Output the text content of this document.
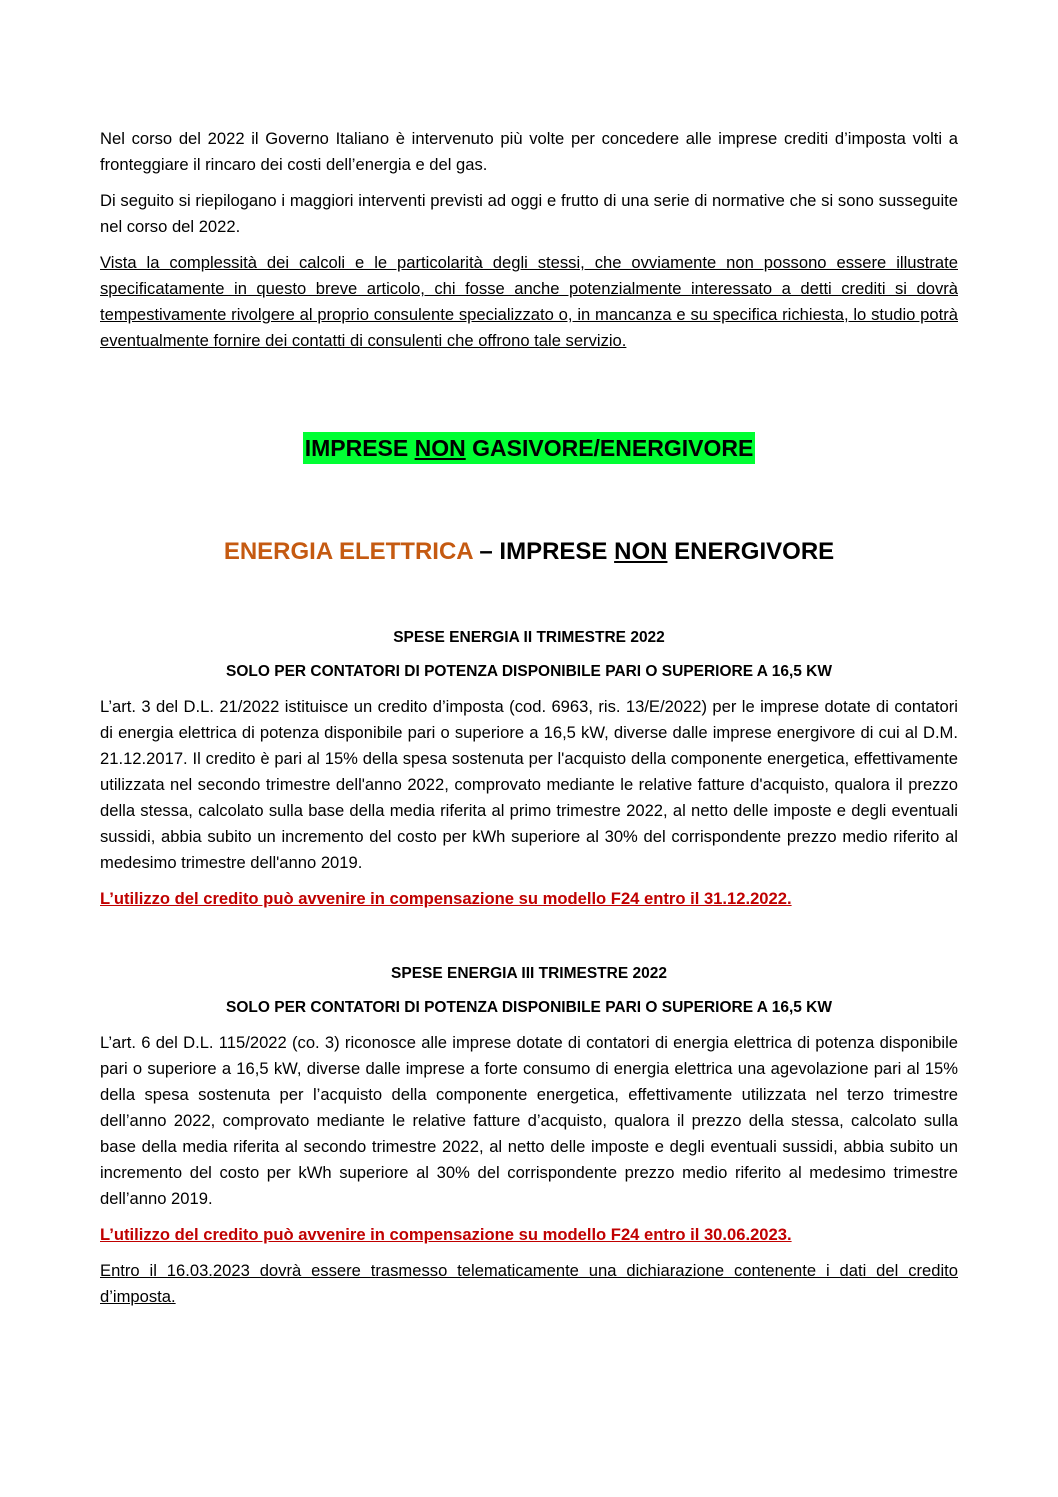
Nel corso del 2022 il Governo Italiano è intervenuto più volte per concedere alle imprese crediti d’imposta volti a fronteggiare il rincaro dei costi dell’energia e del gas.

Di seguito si riepilogano i maggiori interventi previsti ad oggi e frutto di una serie di normative che si sono susseguite nel corso del 2022.

Vista la complessità dei calcoli e le particolarità degli stessi, che ovviamente non possono essere illustrate specificatamente in questo breve articolo, chi fosse anche potenzialmente interessato a detti crediti si dovrà tempestivamente rivolgere al proprio consulente specializzato o, in mancanza e su specifica richiesta, lo studio potrà eventualmente fornire dei contatti di consulenti che offrono tale servizio.

IMPRESE NON GASIVORE/ENERGIVORE
ENERGIA ELETTRICA – IMPRESE NON ENERGIVORE
SPESE ENERGIA II TRIMESTRE 2022
SOLO PER CONTATORI DI POTENZA DISPONIBILE PARI O SUPERIORE A 16,5 KW

L’art. 3 del D.L. 21/2022 istituisce un credito d’imposta (cod. 6963, ris. 13/E/2022) per le imprese dotate di contatori di energia elettrica di potenza disponibile pari o superiore a 16,5 kW, diverse dalle imprese energivore di cui al D.M. 21.12.2017. Il credito è pari al 15% della spesa sostenuta per l'acquisto della componente energetica, effettivamente utilizzata nel secondo trimestre dell'anno 2022, comprovato mediante le relative fatture d'acquisto, qualora il prezzo della stessa, calcolato sulla base della media riferita al primo trimestre 2022, al netto delle imposte e degli eventuali sussidi, abbia subito un incremento del costo per kWh superiore al 30% del corrispondente prezzo medio riferito al medesimo trimestre dell'anno 2019.

L’utilizzo del credito può avvenire in compensazione su modello F24 entro il 31.12.2022.

SPESE ENERGIA III TRIMESTRE 2022
SOLO PER CONTATORI DI POTENZA DISPONIBILE PARI O SUPERIORE A 16,5 KW

L’art. 6 del D.L. 115/2022 (co. 3) riconosce alle imprese dotate di contatori di energia elettrica di potenza disponibile pari o superiore a 16,5 kW, diverse dalle imprese a forte consumo di energia elettrica una agevolazione pari al 15% della spesa sostenuta per l’acquisto della componente energetica, effettivamente utilizzata nel terzo trimestre dell’anno 2022, comprovato mediante le relative fatture d’acquisto, qualora il prezzo della stessa, calcolato sulla base della media riferita al secondo trimestre 2022, al netto delle imposte e degli eventuali sussidi, abbia subito un incremento del costo per kWh superiore al 30% del corrispondente prezzo medio riferito al medesimo trimestre dell’anno 2019.

L’utilizzo del credito può avvenire in compensazione su modello F24 entro il 30.06.2023.

Entro il 16.03.2023 dovrà essere trasmesso telematicamente una dichiarazione contenente i dati del credito d’imposta.
